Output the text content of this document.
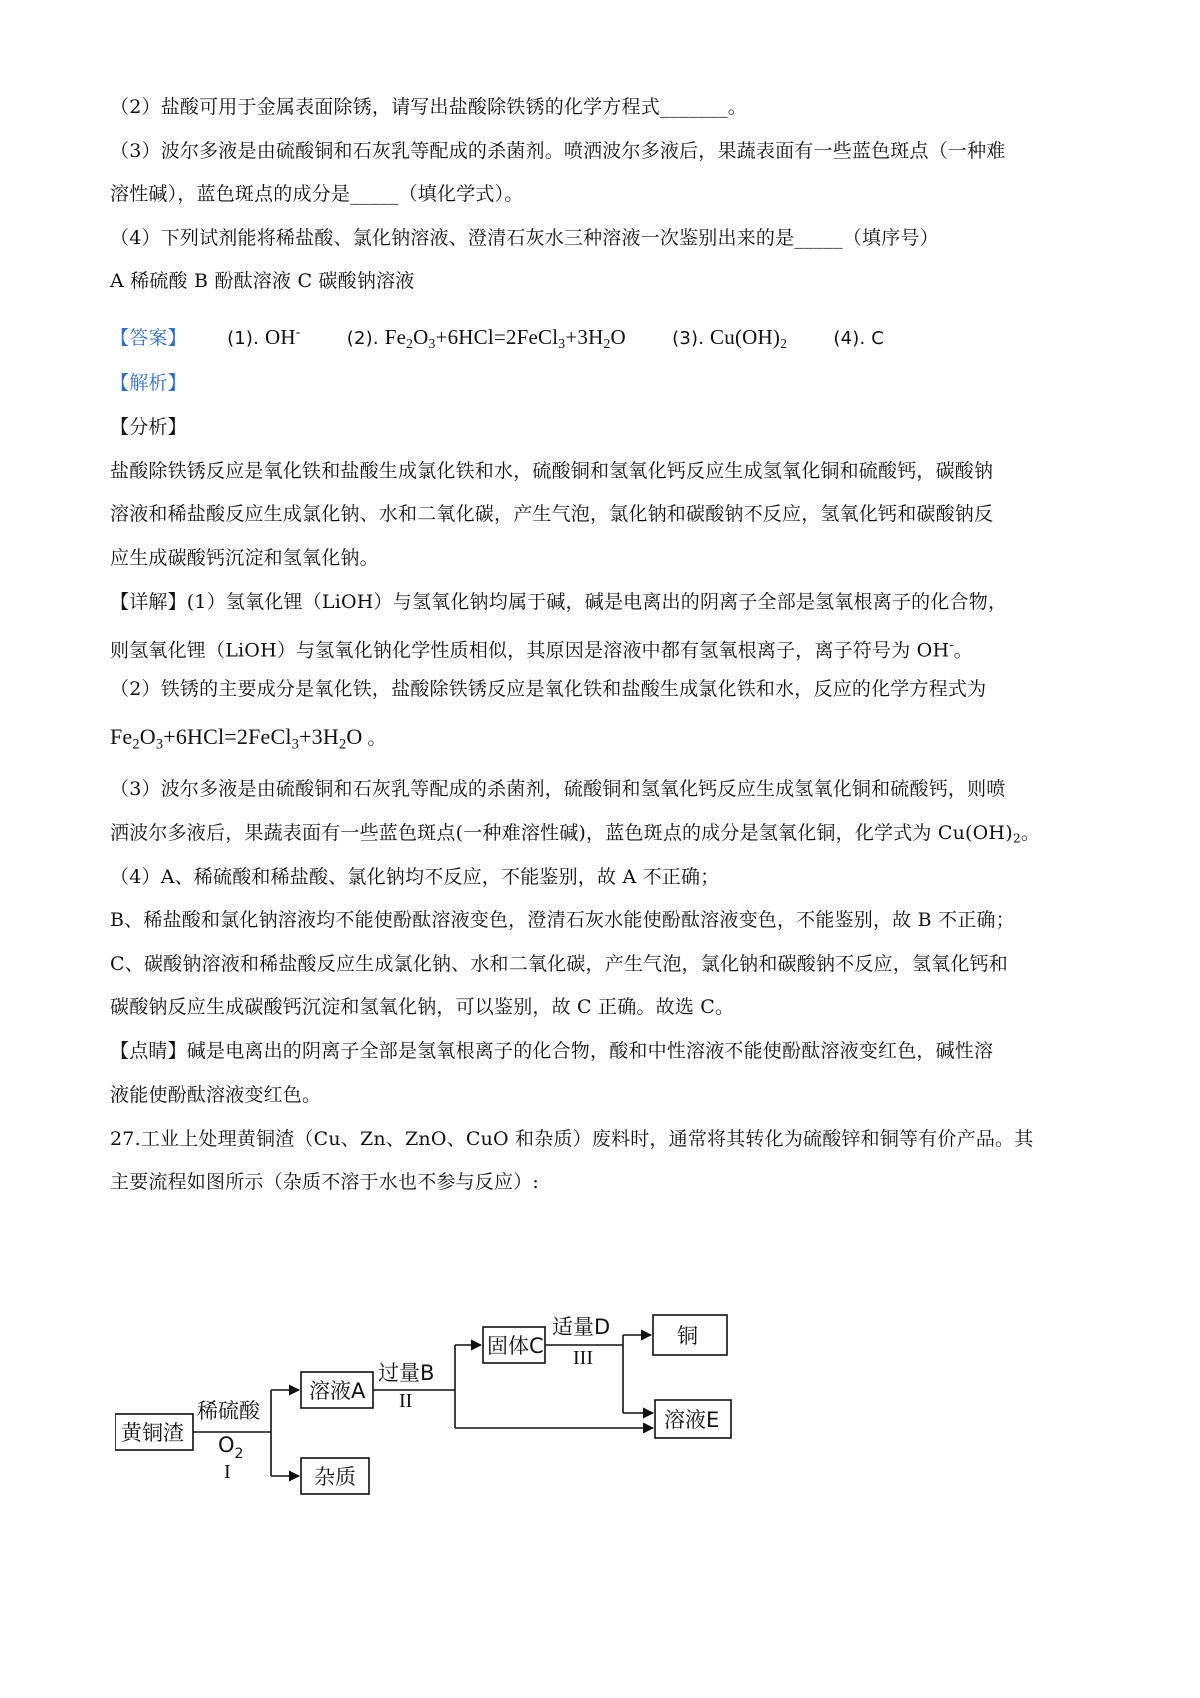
（2）盐酸可用于金属表面除锈，请写出盐酸除铁锈的化学方程式_______。
（3）波尔多液是由硫酸铜和石灰乳等配成的杀菌剂。喷洒波尔多液后，果蔬表面有一些蓝色斑点（一种难
溶性碱），蓝色斑点的成分是_____（填化学式）。
（4）下列试剂能将稀盐酸、氯化钠溶液、澄清石灰水三种溶液一次鉴别出来的是_____（填序号）
A 稀硫酸 B 酚酞溶液 C 碳酸钠溶液
【答案】 (1). OH-	(2). $Fe_2O_3+6HCl=2FeCl_3+3H_2O$	(3). $Cu(OH)_2$	(4). C
【解析】
【分析】
盐酸除铁锈反应是氧化铁和盐酸生成氯化铁和水，硫酸铜和氢氧化钙反应生成氢氧化铜和硫酸钙，碳酸钠
溶液和稀盐酸反应生成氯化钠、水和二氧化碳，产生气泡，氯化钠和碳酸钠不反应，氢氧化钙和碳酸钠反
应生成碳酸钙沉淀和氢氧化钠。
【详解】(1）氢氧化锂（LiOH）与氢氧化钠均属于碱，碱是电离出的阴离子全部是氢氧根离子的化合物，
则氢氧化锂（LiOH）与氢氧化钠化学性质相似，其原因是溶液中都有氢氧根离子，离子符号为 OH-。
（2）铁锈的主要成分是氧化铁，盐酸除铁锈反应是氧化铁和盐酸生成氯化铁和水，反应的化学方程式为
$Fe_2O_3+6HCl=2FeCl_3+3H_2O$ 。
（3）波尔多液是由硫酸铜和石灰乳等配成的杀菌剂，硫酸铜和氢氧化钙反应生成氢氧化铜和硫酸钙，则喷
洒波尔多液后，果蔬表面有一些蓝色斑点(一种难溶性碱)，蓝色斑点的成分是氢氧化铜，化学式为 $Cu(OH)_2$。
（4）A、稀硫酸和稀盐酸、氯化钠均不反应，不能鉴别，故 A 不正确；
B、稀盐酸和氯化钠溶液均不能使酚酞溶液变色，澄清石灰水能使酚酞溶液变色，不能鉴别，故 B 不正确；
C、碳酸钠溶液和稀盐酸反应生成氯化钠、水和二氧化碳，产生气泡，氯化钠和碳酸钠不反应，氢氧化钙和
碳酸钠反应生成碳酸钙沉淀和氢氧化钠，可以鉴别，故 C 正确。故选 C。
【点睛】碱是电离出的阴离子全部是氢氧根离子的化合物，酸和中性溶液不能使酚酞溶液变红色，碱性溶
液能使酚酞溶液变红色。
27.工业上处理黄铜渣（Cu、Zn、ZnO、CuO 和杂质）废料时，通常将其转化为硫酸锌和铜等有价产品。其
主要流程如图所示（杂质不溶于水也不参与反应）:
黄铜渣
稀硫酸
$O_2$
I
溶液A
杂质
过量B
II
固体C
适量D
III
铜
溶液E
